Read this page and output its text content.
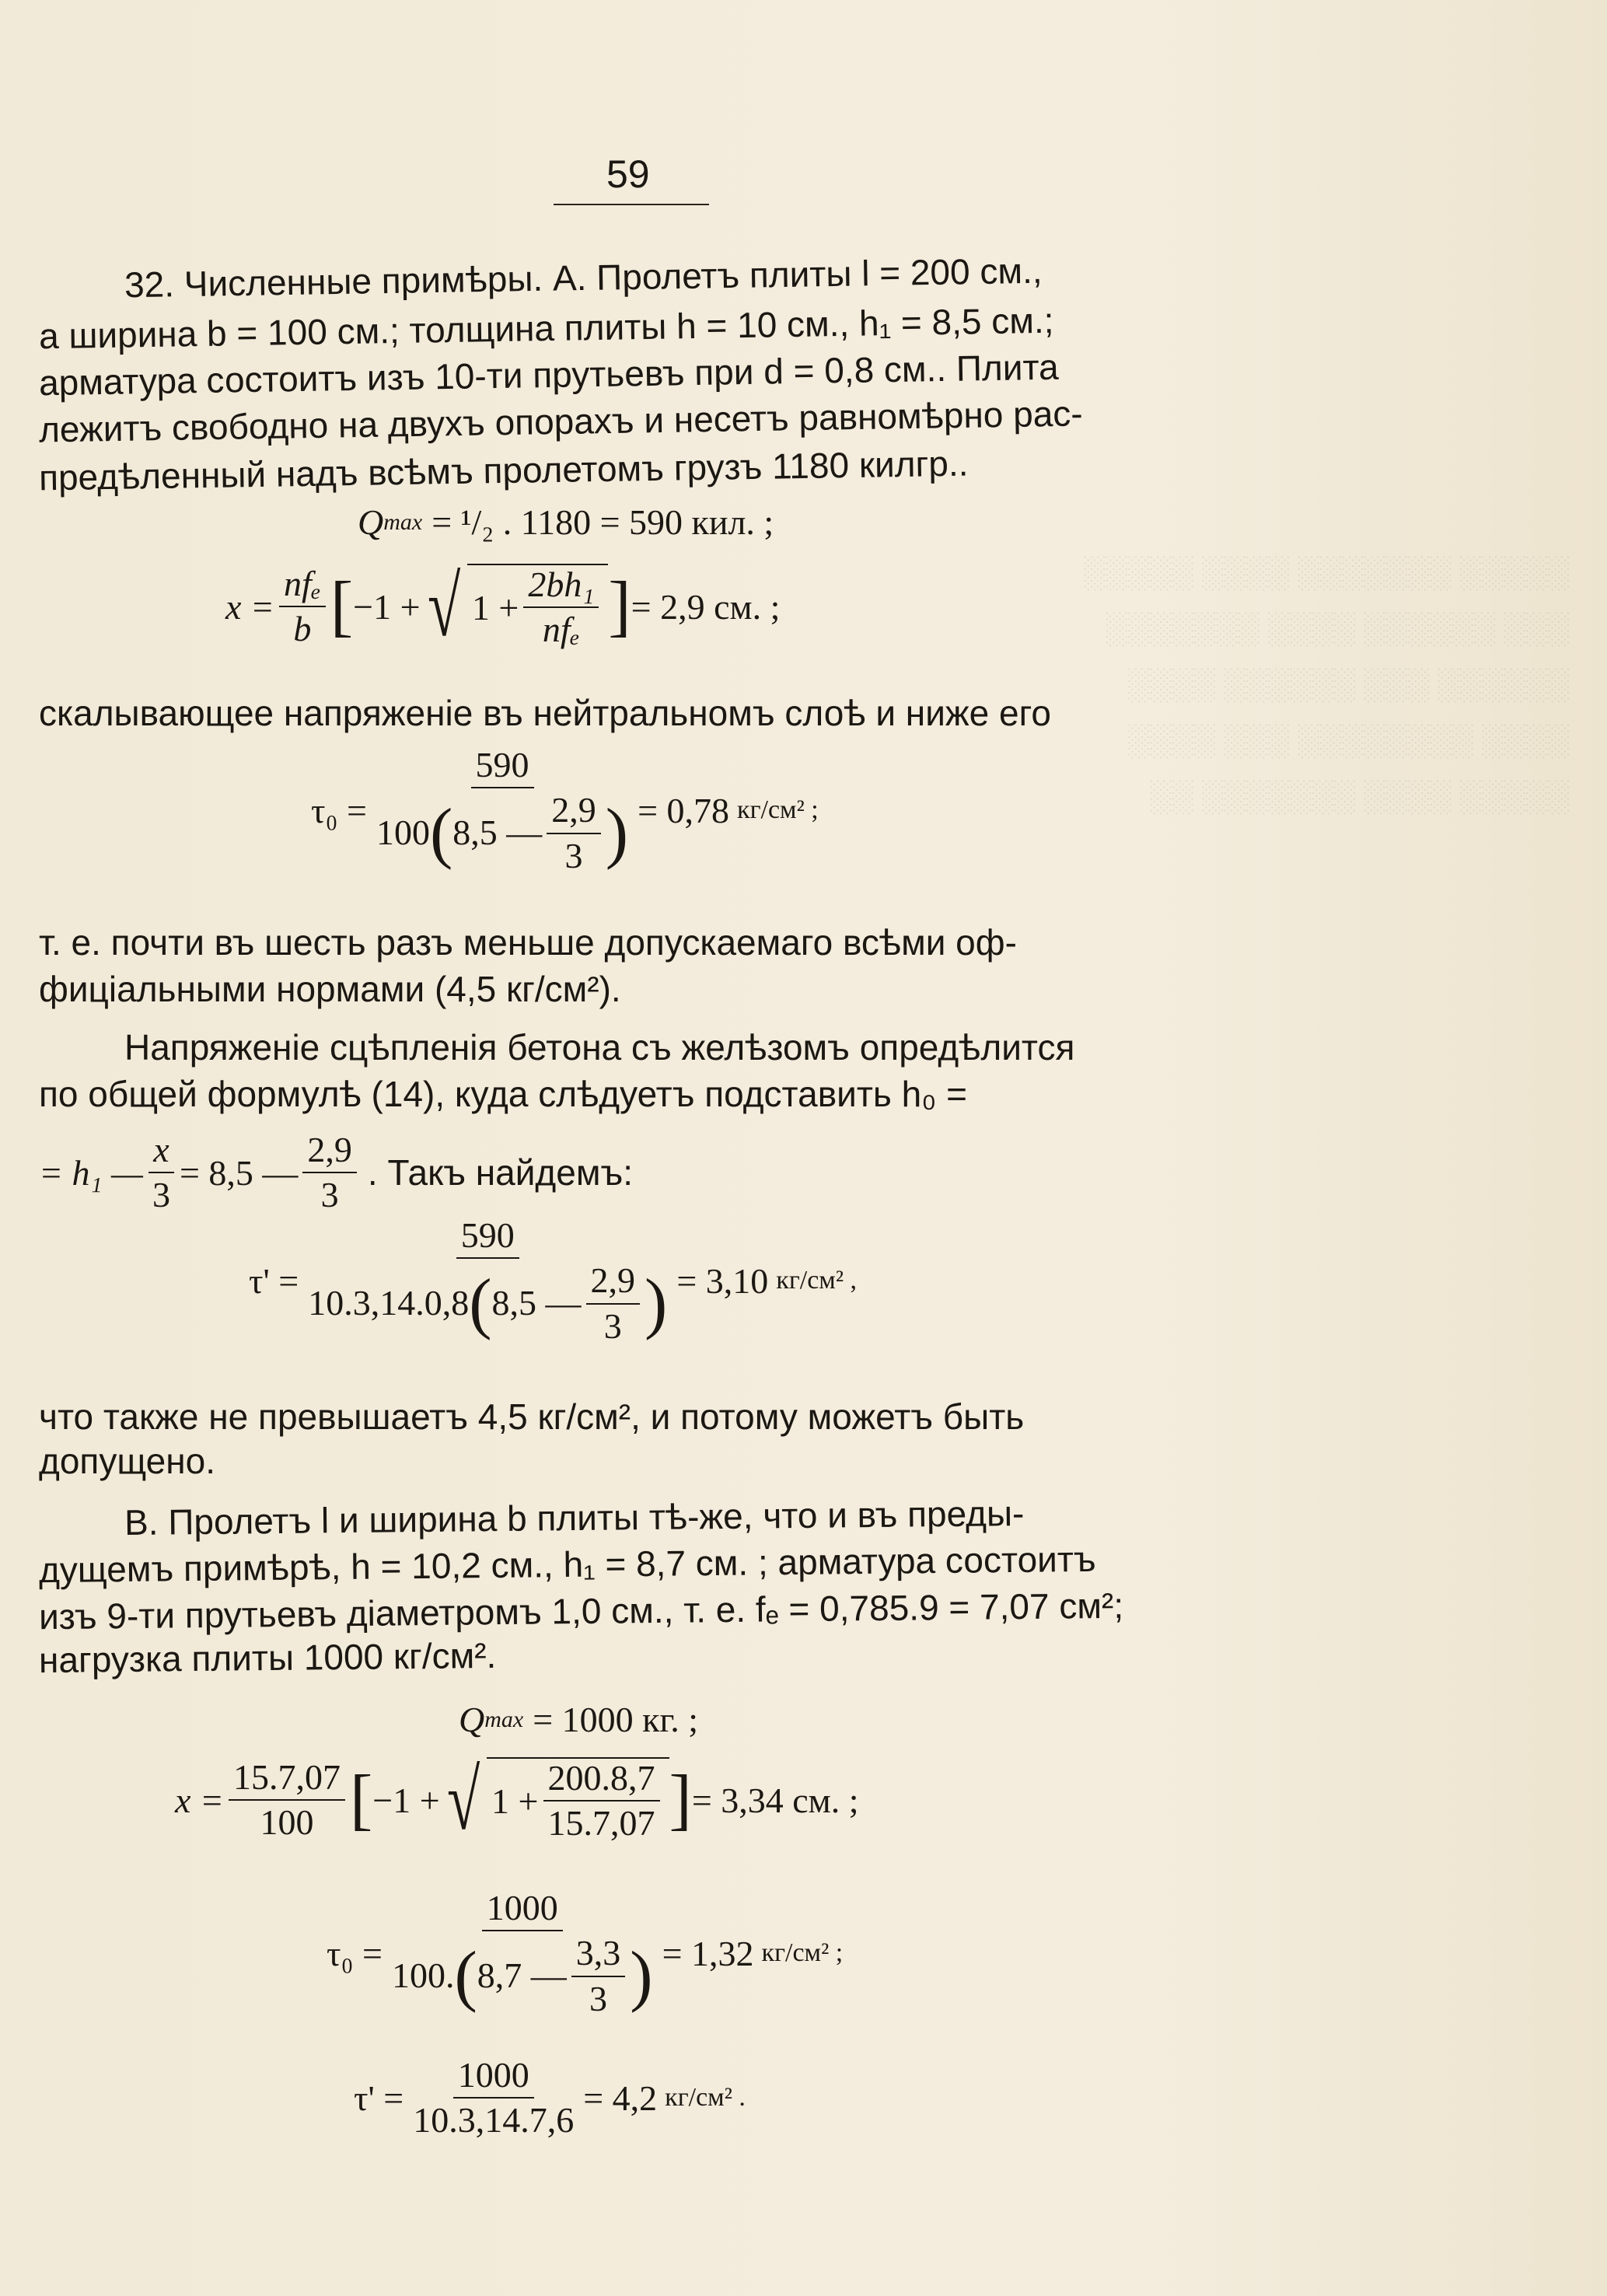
░░░░░ ░░░░░░░ ░░░░ ░░░░░
░░░ ░░░░░░ ░░░░ ░░░░░░░
░░░░░░ ░░░ ░░░░░░ ░░░░
░░░░ ░░░░░░░░ ░░░ ░░░░
░░░░░ ░░░░ ░░░░░░░ ░░
59
32. Численные примѣры. А. Пролетъ плиты l = 200 см.,
а ширина b = 100 см.; толщина плиты h = 10 см., h₁ = 8,5 см.;
арматура состоитъ изъ 10-ти прутьевъ при d = 0,8 см.. Плита
лежитъ свободно на двухъ опорахъ и несетъ равномѣрно рас-
предѣленный надъ всѣмъ пролетомъ грузъ 1180 килгр..
Q max = ¹/₂ . 1180 = 590 кил. ;
$x = \frac{\text{nfₑ}}{b}$ [ −1 + √ $1 + \frac{\text{2bh₁}}{\text{nfₑ}}$ ] = 2,9 см. ;
скалывающее напряженіе въ нейтральномъ слоѣ и ниже его
τ₀ =
590
100 ( 8,5 — $\frac{2,9}{3}$ ) = 0,78 кг/см² ;
т. е. почти въ шесть разъ меньше допускаемаго всѣми оф-
фиціальными нормами (4,5 кг/см²).
Напряженіе сцѣпленія бетона съ желѣзомъ опредѣлится
по общей формулѣ (14), куда слѣдуетъ подставить h₀ =
= h₁ — $\frac{x}{3} = 8,5$ — $\frac{2,9}{3}$ . Такъ найдемъ:
τ' =
590
10.3,14.0,8 ( 8,5 — $\frac{2,9}{3}$ ) = 3,10 кг/см² ,
что также не превышаетъ 4,5 кг/см², и потому можетъ быть
допущено.
В. Пролетъ l и ширина b плиты тѣ-же, что и въ преды-
дущемъ примѣрѣ, h = 10,2 см., h₁ = 8,7 см. ; арматура состоитъ
изъ 9-ти прутьевъ діаметромъ 1,0 см., т. е. fₑ = 0,785.9 = 7,07 см²;
нагрузка плиты 1000 кг/см².
Q max = 1000 кг. ;
$x = \frac{15.7,07}{100}$ [ −1 + √ $1 + \frac{200.8,7}{15.7,07}$ ] = 3,34 см. ;
τ₀ =
1000
100. ( 8,7 — $\frac{3,3}{3}$ ) = 1,32 кг/см² ;
$\tau' = \frac{1000}{10.3,14.7,6} = 4,2$ кг/см² .
